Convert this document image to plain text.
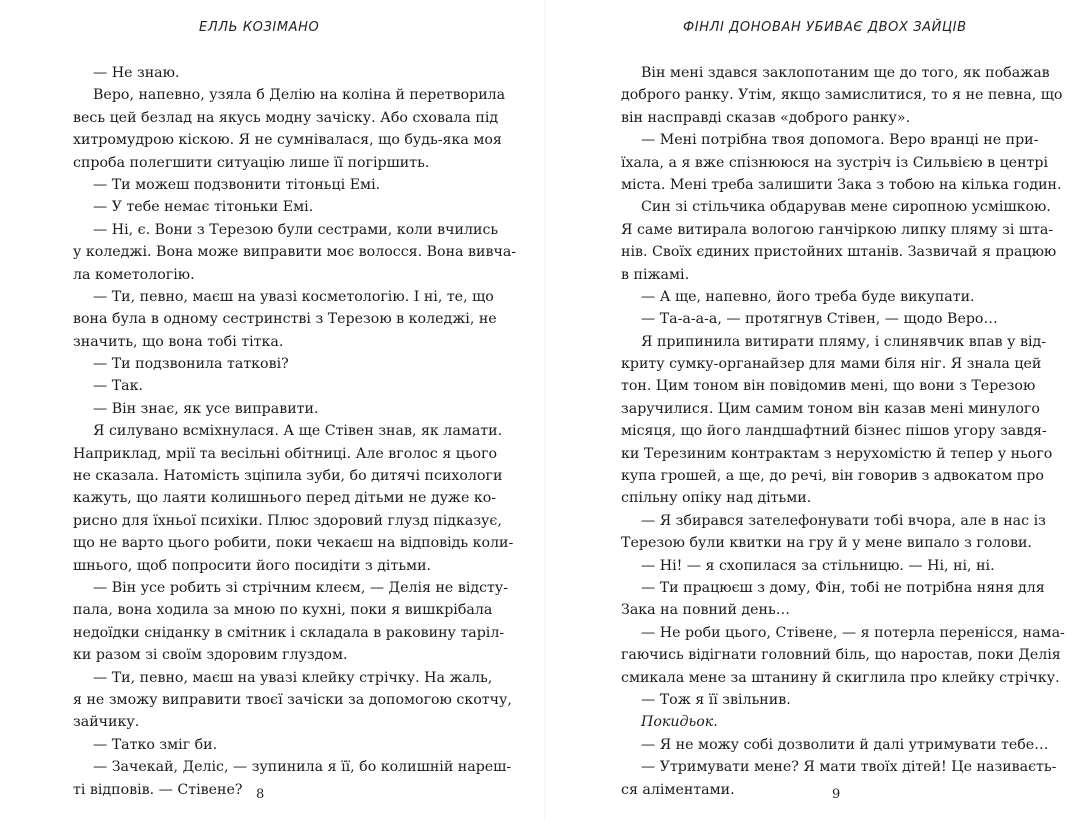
ЕЛЛЬ КОЗІМАНО
— Не знаю.
Веро, напевно, узяла б Делію на коліна й перетворила
весь цей безлад на якусь модну зачіску. Або сховала під
хитромудрою кіскою. Я не сумнівалася, що будь-яка моя
спроба полегшити ситуацію лише її погіршить.
— Ти можеш подзвонити тітоньці Емі.
— У тебе немає тітоньки Емі.
— Ні, є. Вони з Терезою були сестрами, коли вчились
у коледжі. Вона може виправити моє волосся. Вона вивча-
ла кометологію.
— Ти, певно, маєш на увазі косметологію. І ні, те, що
вона була в одному сестринстві з Терезою в коледжі, не
значить, що вона тобі тітка.
— Ти подзвонила таткові?
— Так.
— Він знає, як усе виправити.
Я силувано всміхнулася. А ще Стівен знав, як ламати.
Наприклад, мрії та весільні обітниці. Але вголос я цього
не сказала. Натомість зціпила зуби, бо дитячі психологи
кажуть, що лаяти колишнього перед дітьми не дуже ко-
рисно для їхньої психіки. Плюс здоровий глузд підказує,
що не варто цього робити, поки чекаєш на відповідь коли-
шнього, щоб попросити його посидіти з дітьми.
— Він усе робить зі стрічним клеєм, — Делія не відсту-
пала, вона ходила за мною по кухні, поки я вишкрібала
недоїдки сніданку в смітник і складала в раковину таріл-
ки разом зі своїм здоровим глуздом.
— Ти, певно, маєш на увазі клейку стрічку. На жаль,
я не зможу виправити твоєї зачіски за допомогою скотчу,
зайчику.
— Татко зміг би.
— Зачекай, Деліс, — зупинила я її, бо колишній нареш-
ті відповів. — Стівене?	8
ФІНЛІ ДОНОВАН УБИВАЄ ДВОХ ЗАЙЦІВ
Він мені здався заклопотаним ще до того, як побажав
доброго ранку. Утім, якщо замислитися, то я не певна, що
він насправді сказав «доброго ранку».
— Мені потрібна твоя допомога. Веро вранці не при-
їхала, а я вже спізнююся на зустріч із Сильвією в центрі
міста. Мені треба залишити Зака з тобою на кілька годин.
Син зі стільчика обдарував мене сиропною усмішкою.
Я саме витирала вологою ганчіркою липку пляму зі шта-
нів. Своїх єдиних пристойних штанів. Зазвичай я працюю
в піжамі.
— А ще, напевно, його треба буде викупати.
— Та-а-а-а, — протягнув Стівен, — щодо Веро…
Я припинила витирати пляму, і слинявчик впав у від-
криту сумку-органайзер для мами біля ніг. Я знала цей
тон. Цим тоном він повідомив мені, що вони з Терезою
заручилися. Цим самим тоном він казав мені минулого
місяця, що його ландшафтний бізнес пішов угору завдя-
ки Терезиним контрактам з нерухомістю й тепер у нього
купа грошей, а ще, до речі, він говорив з адвокатом про
спільну опіку над дітьми.
— Я збирався зателефонувати тобі вчора, але в нас із
Терезою були квитки на гру й у мене випало з голови.
— Ні! — я схопилася за стільницю. — Ні, ні, ні.
— Ти працюєш з дому, Фін, тобі не потрібна няня для
Зака на повний день…
— Не роби цього, Стівене, — я потерла перенісся, нама-
гаючись відігнати головний біль, що наростав, поки Делія
смикала мене за штанину й скиглила про клейку стрічку.
— Тож я її звільнив.
Покидьок.
— Я не можу собі дозволити й далі утримувати тебе…
— Утримувати мене? Я мати твоїх дітей! Це називаєть-
ся аліментами.	9
